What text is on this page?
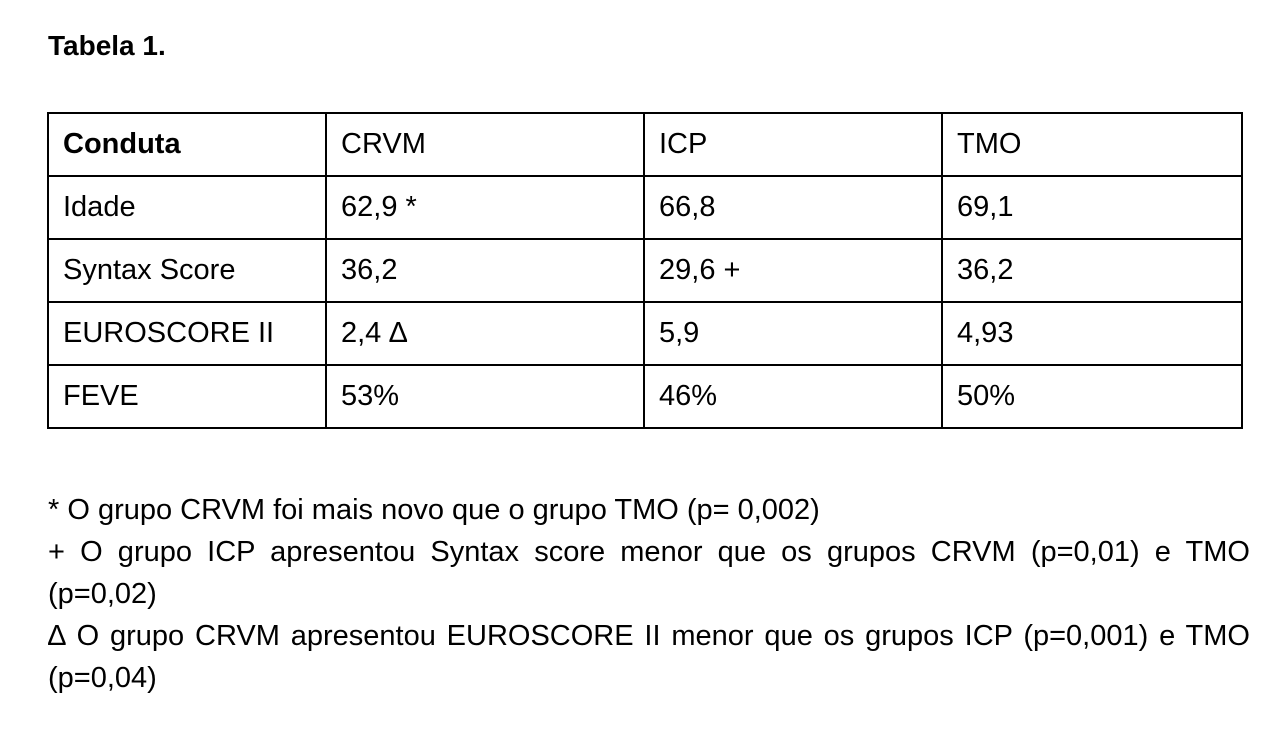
Tabela 1.
Conduta	CRVM	ICP	TMO
Idade	62,9 *	66,8	69,1
Syntax Score	36,2	29,6 +	36,2
EUROSCORE II	2,4 ∆	5,9	4,93
FEVE	53%	46%	50%

* O grupo CRVM foi mais novo que o grupo TMO (p= 0,002)

+ O grupo ICP apresentou Syntax score menor que os grupos CRVM (p=0,01) e TMO (p=0,02)

∆ O grupo CRVM apresentou EUROSCORE II menor que os grupos ICP (p=0,001) e TMO (p=0,04)
